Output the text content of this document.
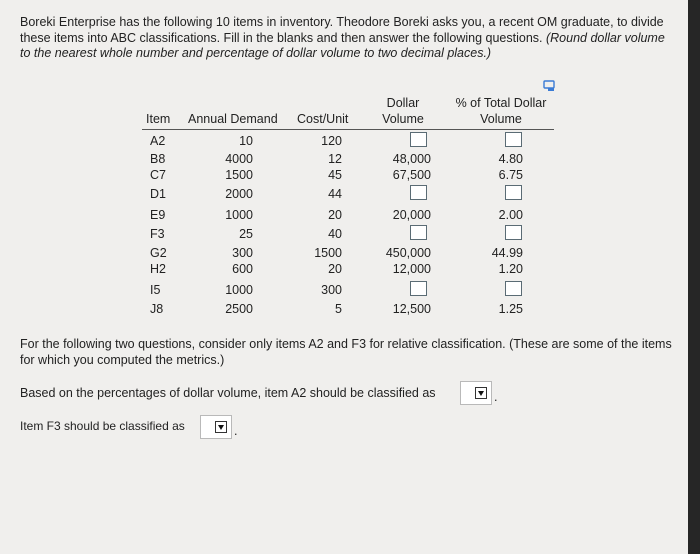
Boreki Enterprise has the following 10 items in inventory. Theodore Boreki asks you, a recent OM graduate, to divide these items into ABC classifications. Fill in the blanks and then answer the following questions. (Round dollar volume to the nearest whole number and percentage of dollar volume to two decimal places.)
Item Annual Demand Cost/Unit
Dollar
Volume
% of Total Dollar
Volume
A2	10	120
B8	4000	12	48,000	4.80
C7	1500	45	67,500	6.75
D1	2000	44
E9	1000	20	20,000	2.00
F3	25	40
G2	300	1500	450,000	44.99
H2	600	20	12,000	1.20
I5	1000	300
J8	2500	5	12,500	1.25
For the following two questions, consider only items A2 and F3 for relative classification. (These are some of the items for which you computed the metrics.)
Based on the percentages of dollar volume, item A2 should be classified as	.
Item F3 should be classified as	.
